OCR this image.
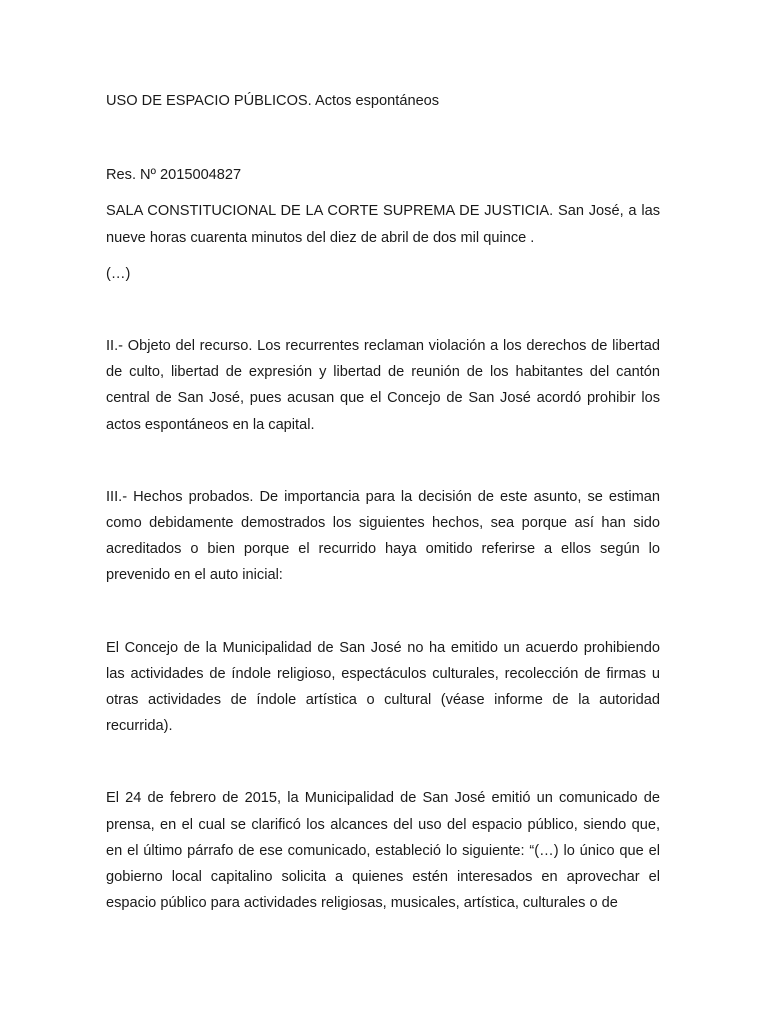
USO DE ESPACIO PÚBLICOS. Actos espontáneos

Res. Nº 2015004827

SALA CONSTITUCIONAL DE LA CORTE SUPREMA DE JUSTICIA. San José, a las nueve horas cuarenta minutos del diez de abril de dos mil quince .

(…)

II.- Objeto del recurso. Los recurrentes reclaman violación a los derechos de libertad de culto, libertad de expresión y libertad de reunión de los habitantes del cantón central de San José, pues acusan que el Concejo de San José acordó prohibir los actos espontáneos en la capital.

III.- Hechos probados. De importancia para la decisión de este asunto, se estiman como debidamente demostrados los siguientes hechos, sea porque así han sido acreditados o bien porque el recurrido haya omitido referirse a ellos según lo prevenido en el auto inicial:

El Concejo de la Municipalidad de San José no ha emitido un acuerdo prohibiendo las actividades de índole religioso, espectáculos culturales, recolección de firmas u otras actividades de índole artística o cultural (véase informe de la autoridad recurrida).

El 24 de febrero de 2015, la Municipalidad de San José emitió un comunicado de prensa, en el cual se clarificó los alcances del uso del espacio público, siendo que, en el último párrafo de ese comunicado, estableció lo siguiente: “(…) lo único que el gobierno local capitalino solicita a quienes estén interesados en aprovechar el espacio público para actividades religiosas, musicales, artística, culturales o de
